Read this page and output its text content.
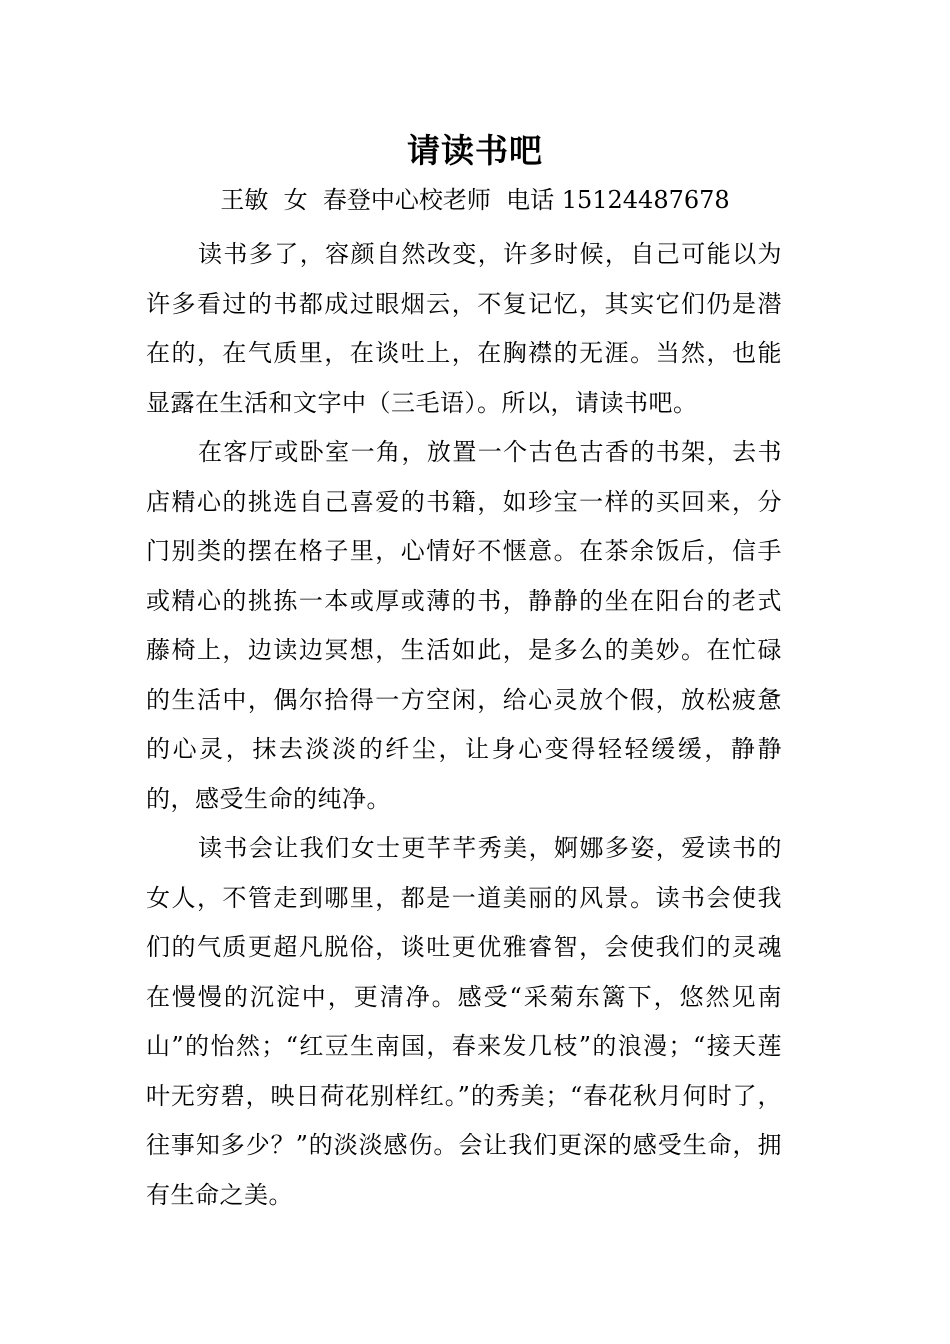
请读书吧
王敏  女  春登中心校老师  电话 15124487678

读书多了，容颜自然改变，许多时候，自己可能以为许多看过的书都成过眼烟云，不复记忆，其实它们仍是潜在的，在气质里，在谈吐上，在胸襟的无涯。当然，也能显露在生活和文字中（三毛语）。所以，请读书吧。

在客厅或卧室一角，放置一个古色古香的书架，去书店精心的挑选自己喜爱的书籍，如珍宝一样的买回来，分门别类的摆在格子里，心情好不惬意。在茶余饭后，信手或精心的挑拣一本或厚或薄的书，静静的坐在阳台的老式藤椅上，边读边冥想，生活如此，是多么的美妙。在忙碌的生活中，偶尔拾得一方空闲，给心灵放个假，放松疲惫的心灵，抹去淡淡的纤尘，让身心变得轻轻缓缓，静静的，感受生命的纯净。

读书会让我们女士更芊芊秀美，婀娜多姿，爱读书的女人，不管走到哪里，都是一道美丽的风景。读书会使我们的气质更超凡脱俗，谈吐更优雅睿智，会使我们的灵魂在慢慢的沉淀中，更清净。感受“采菊东篱下，悠然见南山”的怡然；“红豆生南国，春来发几枝”的浪漫；“接天莲叶无穷碧，映日荷花别样红。”的秀美；“春花秋月何时了，往事知多少？”的淡淡感伤。会让我们更深的感受生命，拥有生命之美。
